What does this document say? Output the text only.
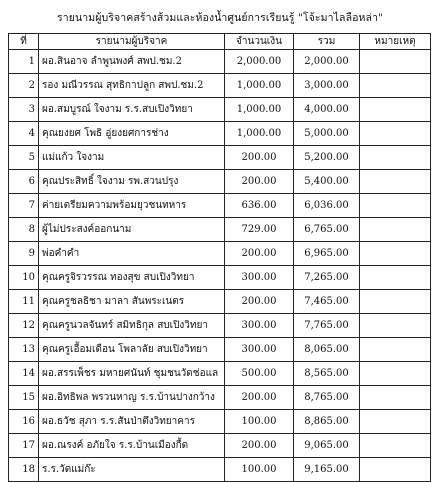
รายนามผู้บริจาคสร้างส้วมและห้องน้ำศูนย์การเรียนรู้ "โจ้ะมาไลลือหล่า"
ที่	รายนามผู้บริจาค	จำนวนเงิน	รวม	หมายเหตุ
1	ผอ.สินอาจ ลำพูนพงศ์ สพป.ชม.2	2,000.00	2,000.00	
2	รอง มณีวรรณ สุทธิกาปลูก สพป.ชม.2	1,000.00	3,000.00	
3	ผอ.สมบูรณ์ ใจงาม ร.ร.สบเปิงวิทยา	1,000.00	4,000.00	
4	คุณยงยศ โพธิ อู่ยงยศการช่าง	1,000.00	5,000.00	
5	แม่แก้ว ใจงาม	200.00	5,200.00	
6	คุณประสิทธิ์ ใจงาม รพ.สวนปรุง	200.00	5,400.00	
7	ค่ายเตรียมความพร้อมยุวชนทหาร	636.00	6,036.00	
8	ผู้ไม่ประสงค์ออกนาม	729.00	6,765.00	
9	พ่อคำคำ	200.00	6,965.00	
10	คุณครูจิรวรรณ ทองสุข สบเปิงวิทยา	300.00	7,265.00	
11	คุณครูชลธิชา มาลา สันพระเนตร	200.00	7,465.00	
12	คุณครูนวลจันทร์ สมิทธิกุล สบเปิงวิทยา	300.00	7,765.00	
13	คุณครูเอื้อมเดือน โพลาลัย สบเปิงวิทยา	300.00	8,065.00	
14	ผอ.สรรเพ็ชร มหายศนันท์ ชุมชนวัดช่อแล	500.00	8,565.00	
15	ผอ.อิทธิพล พรวนหาญ ร.ร.บ้านปางกว้าง	200.00	8,765.00	
16	ผอ.ธวัช สุภา ร.ร.สันป่าตึงวิทยาคาร	100.00	8,865.00	
17	ผอ.ณรงค์ อภัยใจ ร.ร.บ้านเมืองกื้ด	200.00	9,065.00	
18	ร.ร.วัดแม่ก๊ะ	100.00	9,165.00	
